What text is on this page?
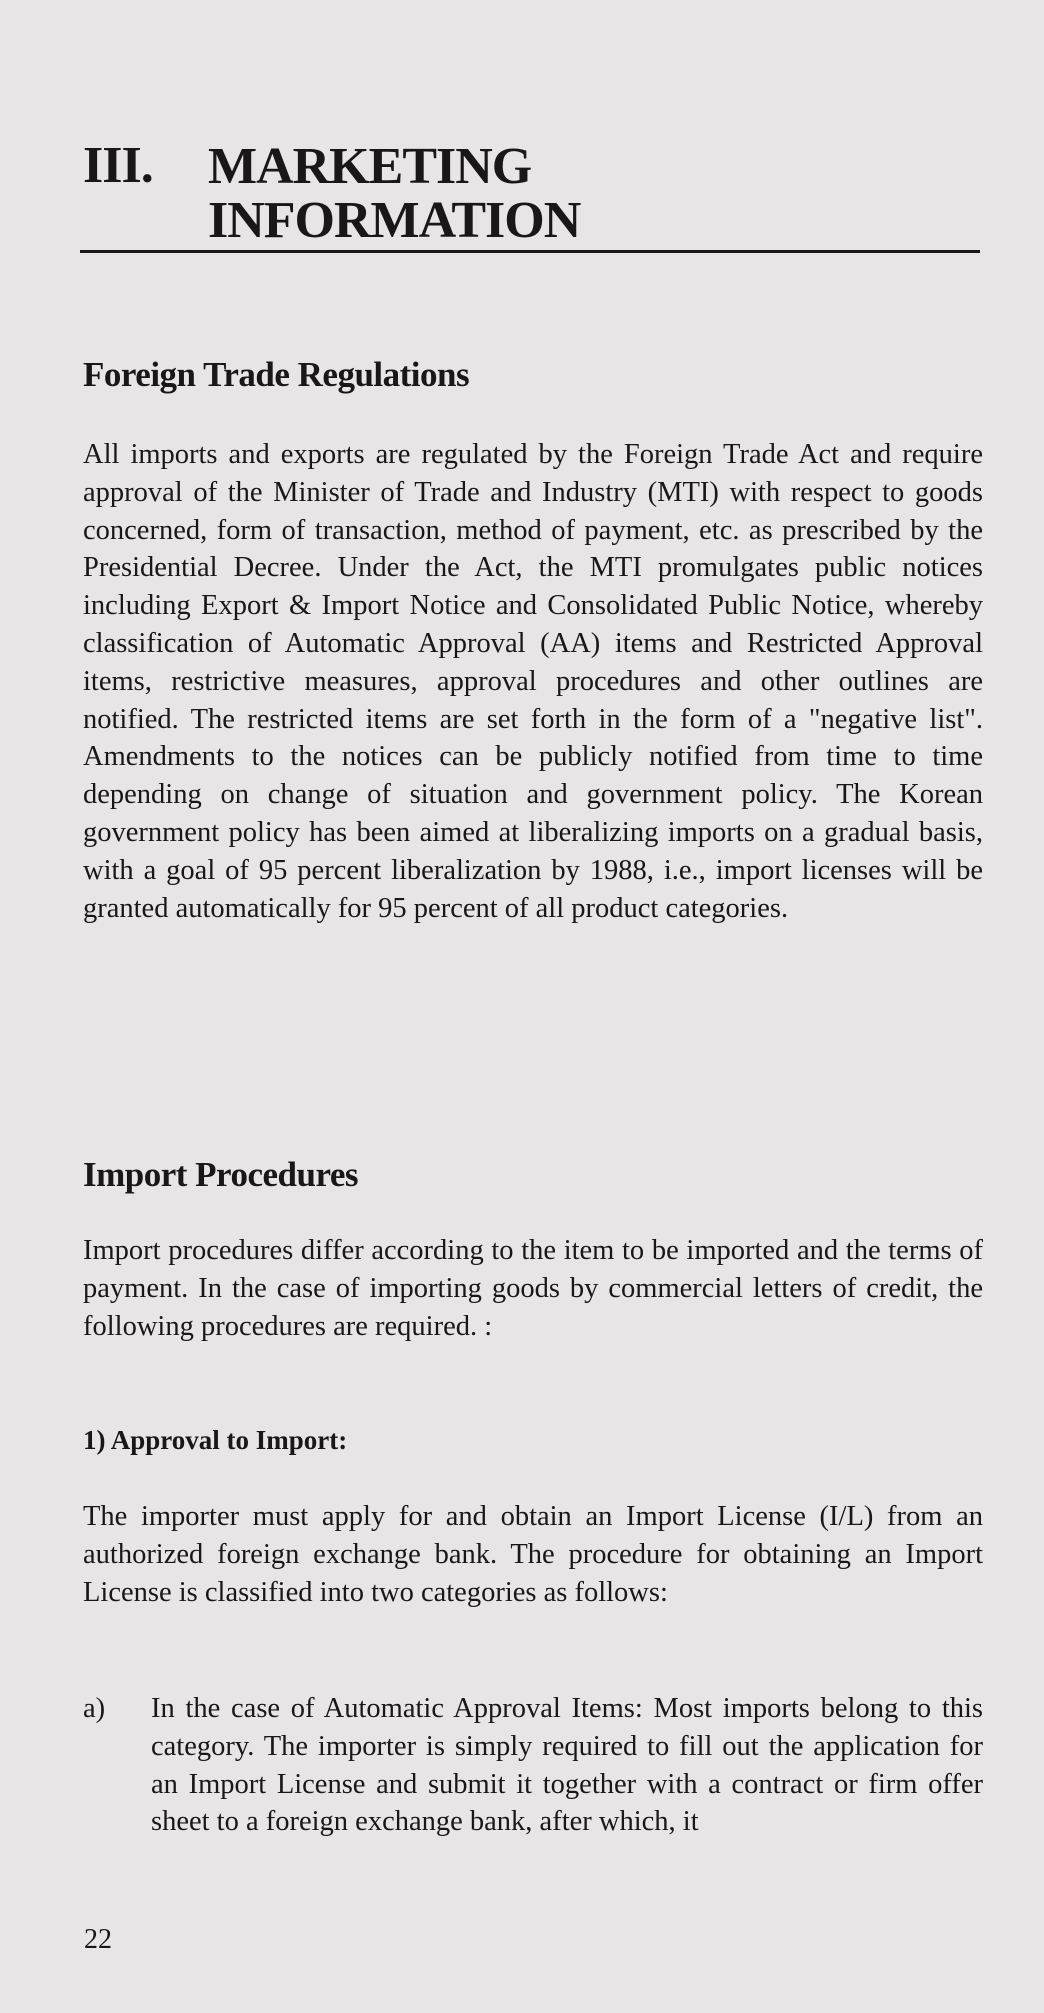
III. MARKETING
INFORMATION
Foreign Trade Regulations

All imports and exports are regulated by the Foreign Trade Act and require approval of the Minister of Trade and Industry (MTI) with respect to goods concerned, form of transaction, method of payment, etc. as prescribed by the Presidential Decree. Under the Act, the MTI promulgates public notices including Export & Import Notice and Consolidated Public Notice, whereby classification of Automatic Approval (AA) items and Restricted Approval items, restrictive measures, approval procedures and other outlines are notified. The restricted items are set forth in the form of a "negative list". Amendments to the notices can be publicly notified from time to time depending on change of situation and government policy. The Korean government policy has been aimed at liberalizing imports on a gradual basis, with a goal of 95 percent liberalization by 1988, i.e., import licenses will be granted automatically for 95 percent of all product categories.

Import Procedures

Import procedures differ according to the item to be imported and the terms of payment. In the case of importing goods by commercial letters of credit, the following procedures are required. :

1) Approval to Import:

The importer must apply for and obtain an Import License (I/L) from an authorized foreign exchange bank. The procedure for obtaining an Import License is classified into two categories as follows:

a) In the case of Automatic Approval Items: Most imports belong to this category. The importer is simply required to fill out the application for an Import License and submit it together with a contract or firm offer sheet to a foreign exchange bank, after which, it

22
